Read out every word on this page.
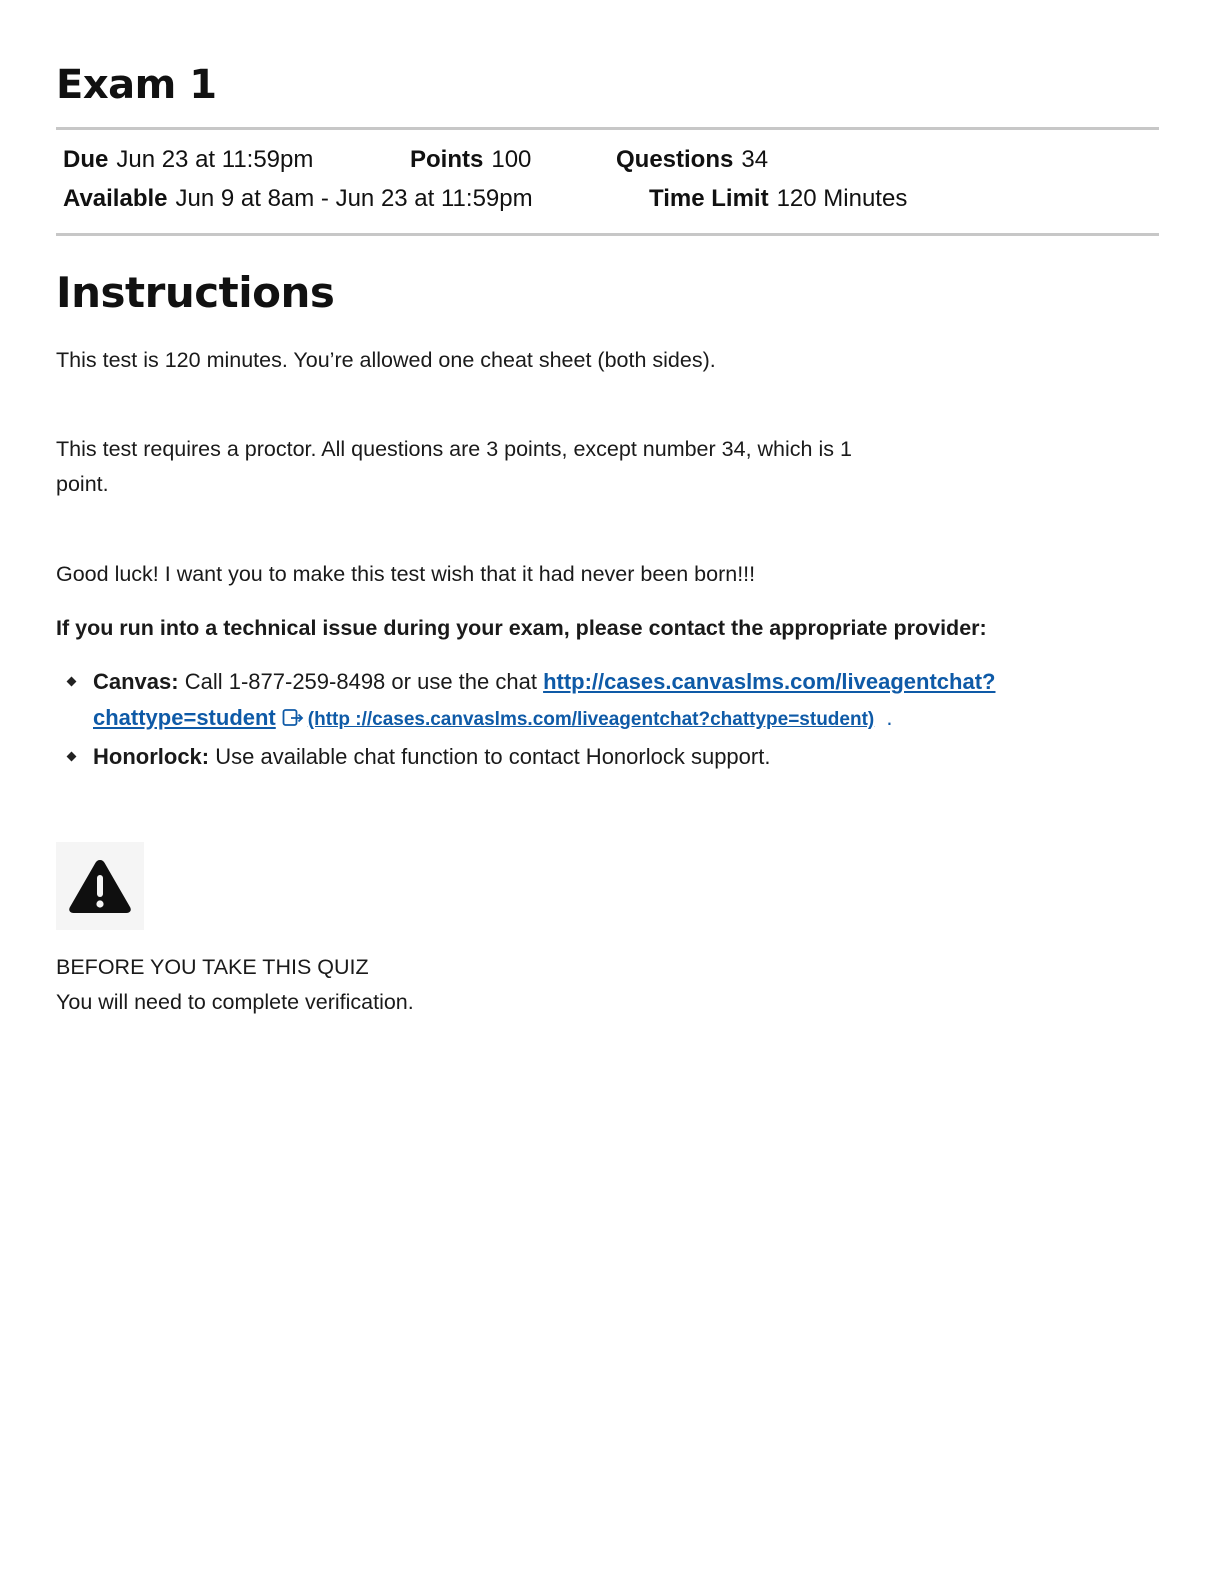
Exam 1
Due Jun 23 at 11:59pm	Points 100	Questions 34
Available Jun 9 at 8am - Jun 23 at 11:59pm	Time Limit 120 Minutes
Instructions
This test is 120 minutes. You’re allowed one cheat sheet (both sides).
This test requires a proctor. All questions are 3 points, except number 34, which is 1
point.
Good luck! I want you to make this test wish that it had never been born!!!
If you run into a technical issue during your exam, please contact the appropriate provider:
Canvas: Call 1-877-259-8498 or use the chat http://cases.canvaslms.com/liveagentchat?
chattype=student (http ://cases.canvaslms.com/liveagentchat?chattype=student) .
Honorlock: Use available chat function to contact Honorlock support.
BEFORE YOU TAKE THIS QUIZ
You will need to complete verification.
